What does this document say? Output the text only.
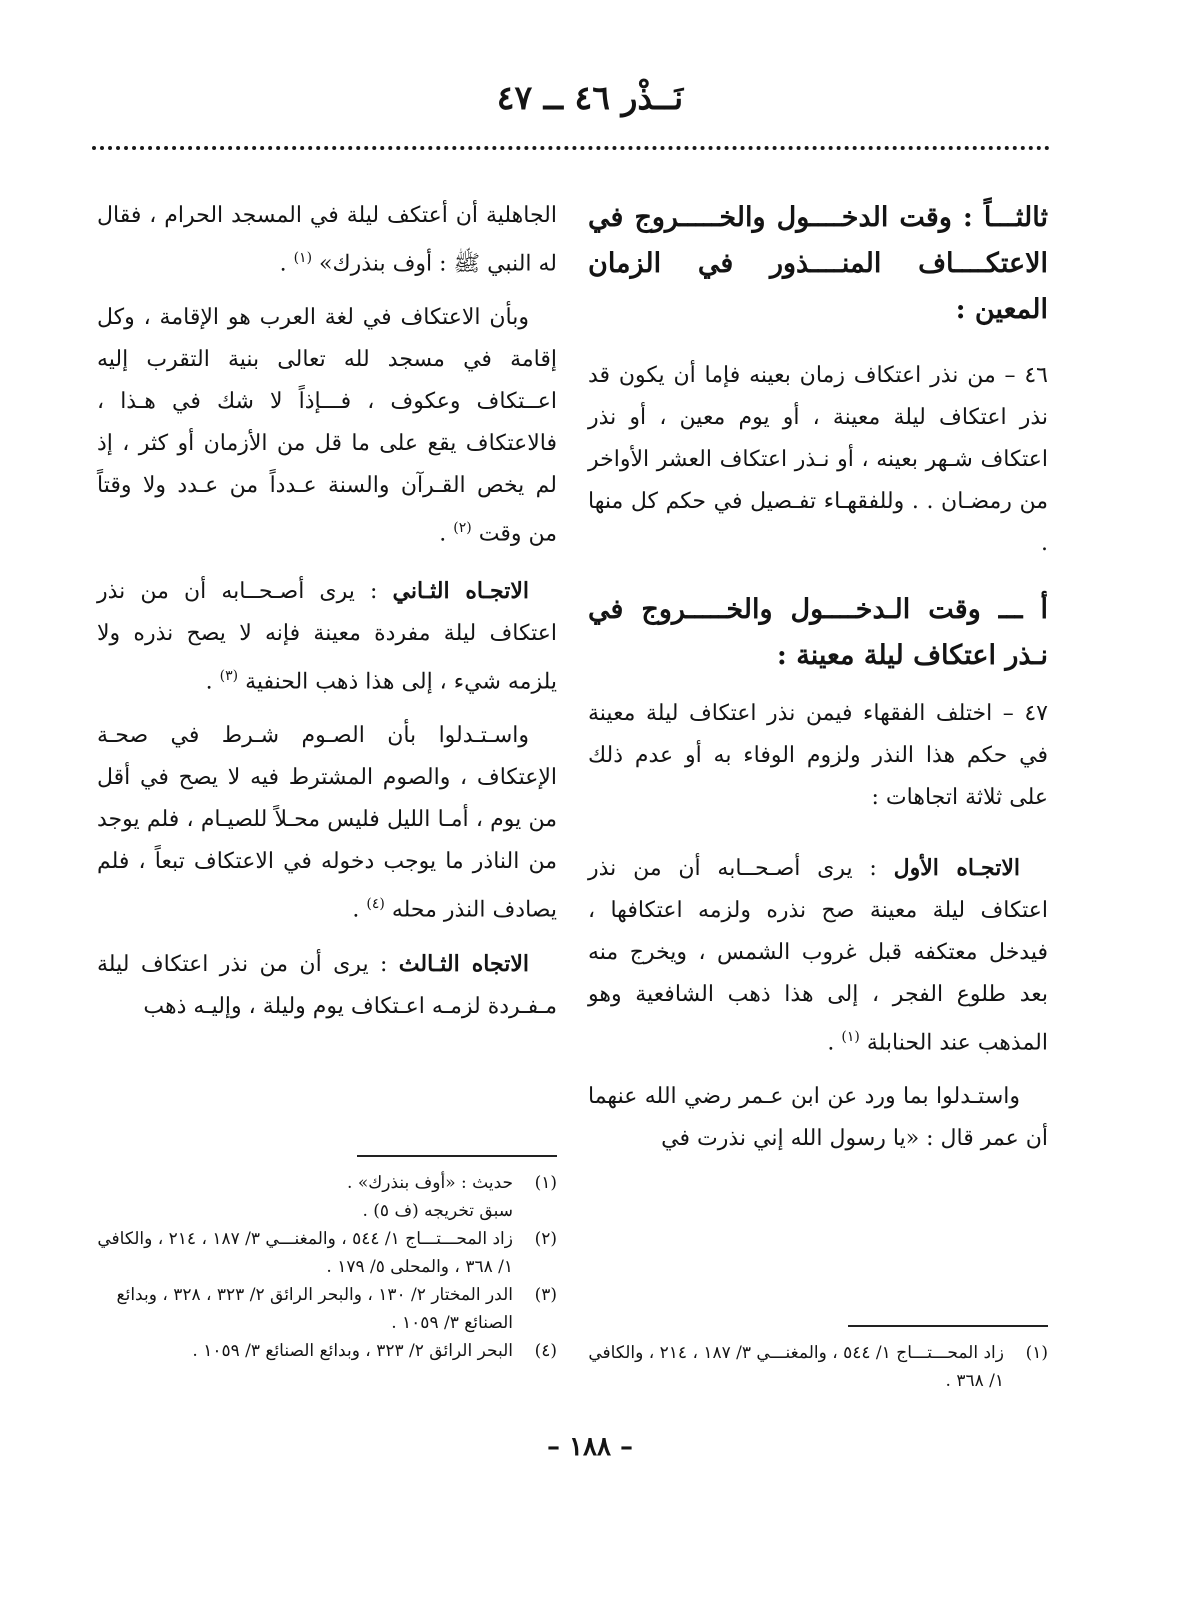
نَــذْر ٤٦ ــ ٤٧

ثالثـــاً : وقت الدخــــول والخـــــروج في الاعتكــــاف المنــــذور في الزمان المعين :

٤٦ – من نذر اعتكاف زمان بعينه فإما أن يكون قد نذر اعتكاف ليلة معينة ، أو يوم معين ، أو نذر اعتكاف شـهر بعينه ، أو نـذر اعتكاف العشر الأواخر من رمضـان . . وللفقهـاء تفـصيل في حكم كل منها .

أ ـــ وقت الـدخــــول والخـــــروج في نـذر اعتكاف ليلة معينة :

٤٧ – اختلف الفقهاء فيمن نذر اعتكاف ليلة معينة في حكم هذا النذر ولزوم الوفاء به أو عدم ذلك على ثلاثة اتجاهات :

الاتجـاه الأول : يرى أصـحــابه أن من نذر اعتكاف ليلة معينة صح نذره ولزمه اعتكافها ، فيدخل معتكفه قبل غروب الشمس ، ويخرج منه بعد طلوع الفجر ، إلى هذا ذهب الشافعية وهو المذهب عند الحنابلة $^{(١)}$ .

واستـدلوا بما ورد عن ابن عـمر رضي الله عنهما أن عمر قال : «يا رسول الله إني نذرت في

الجاهلية أن أعتكف ليلة في المسجد الحرام ، فقال له النبي ﷺ : أوف بنذرك» $^{(١)}$ .

وبأن الاعتكاف في لغة العرب هو الإقامة ، وكل إقامة في مسجد لله تعالى بنية التقرب إليه اعــتكاف وعكوف ، فـــإذاً لا شك في هـذا ، فالاعتكاف يقع على ما قل من الأزمان أو كثر ، إذ لم يخص القـرآن والسنة عـدداً من عـدد ولا وقتاً من وقت $^{(٢)}$ .

الاتجـاه الثـاني : يرى أصـحــابه أن من نذر اعتكاف ليلة مفردة معينة فإنه لا يصح نذره ولا يلزمه شيء ، إلى هذا ذهب الحنفية $^{(٣)}$ .

واسـتـدلوا بأن الصـوم شـرط في صحـة الإعتكاف ، والصوم المشترط فيه لا يصح في أقل من يوم ، أمـا الليل فليس محـلاً للصيـام ، فلم يوجد من الناذر ما يوجب دخوله في الاعتكاف تبعاً ، فلم يصادف النذر محله $^{(٤)}$ .

الاتجاه الثـالث : يرى أن من نذر اعتكاف ليلة مـفـردة لزمـه اعـتكاف يوم وليلة ، وإليـه ذهب

(١)
حديث : «أوف بنذرك» .

سبق تخريجه (ف ٥) .

(٢)
زاد المحـــتـــاج ١/ ٥٤٤ ، والمغنـــي ٣/ ١٨٧ ، ٢١٤ ، والكافي ١/ ٣٦٨ ، والمحلى ٥/ ١٧٩ .

(٣)
الدر المختار ٢/ ١٣٠ ، والبحر الرائق ٢/ ٣٢٣ ، ٣٢٨ ، وبدائع الصنائع ٣/ ١٠٥٩ .

(٤)
البحر الرائق ٢/ ٣٢٣ ، وبدائع الصنائع ٣/ ١٠٥٩ .	(١)
زاد المحـــتـــاج ١/ ٥٤٤ ، والمغنـــي ٣/ ١٨٧ ، ٢١٤ ، والكافي ١/ ٣٦٨ .

– ١٨٨ –
